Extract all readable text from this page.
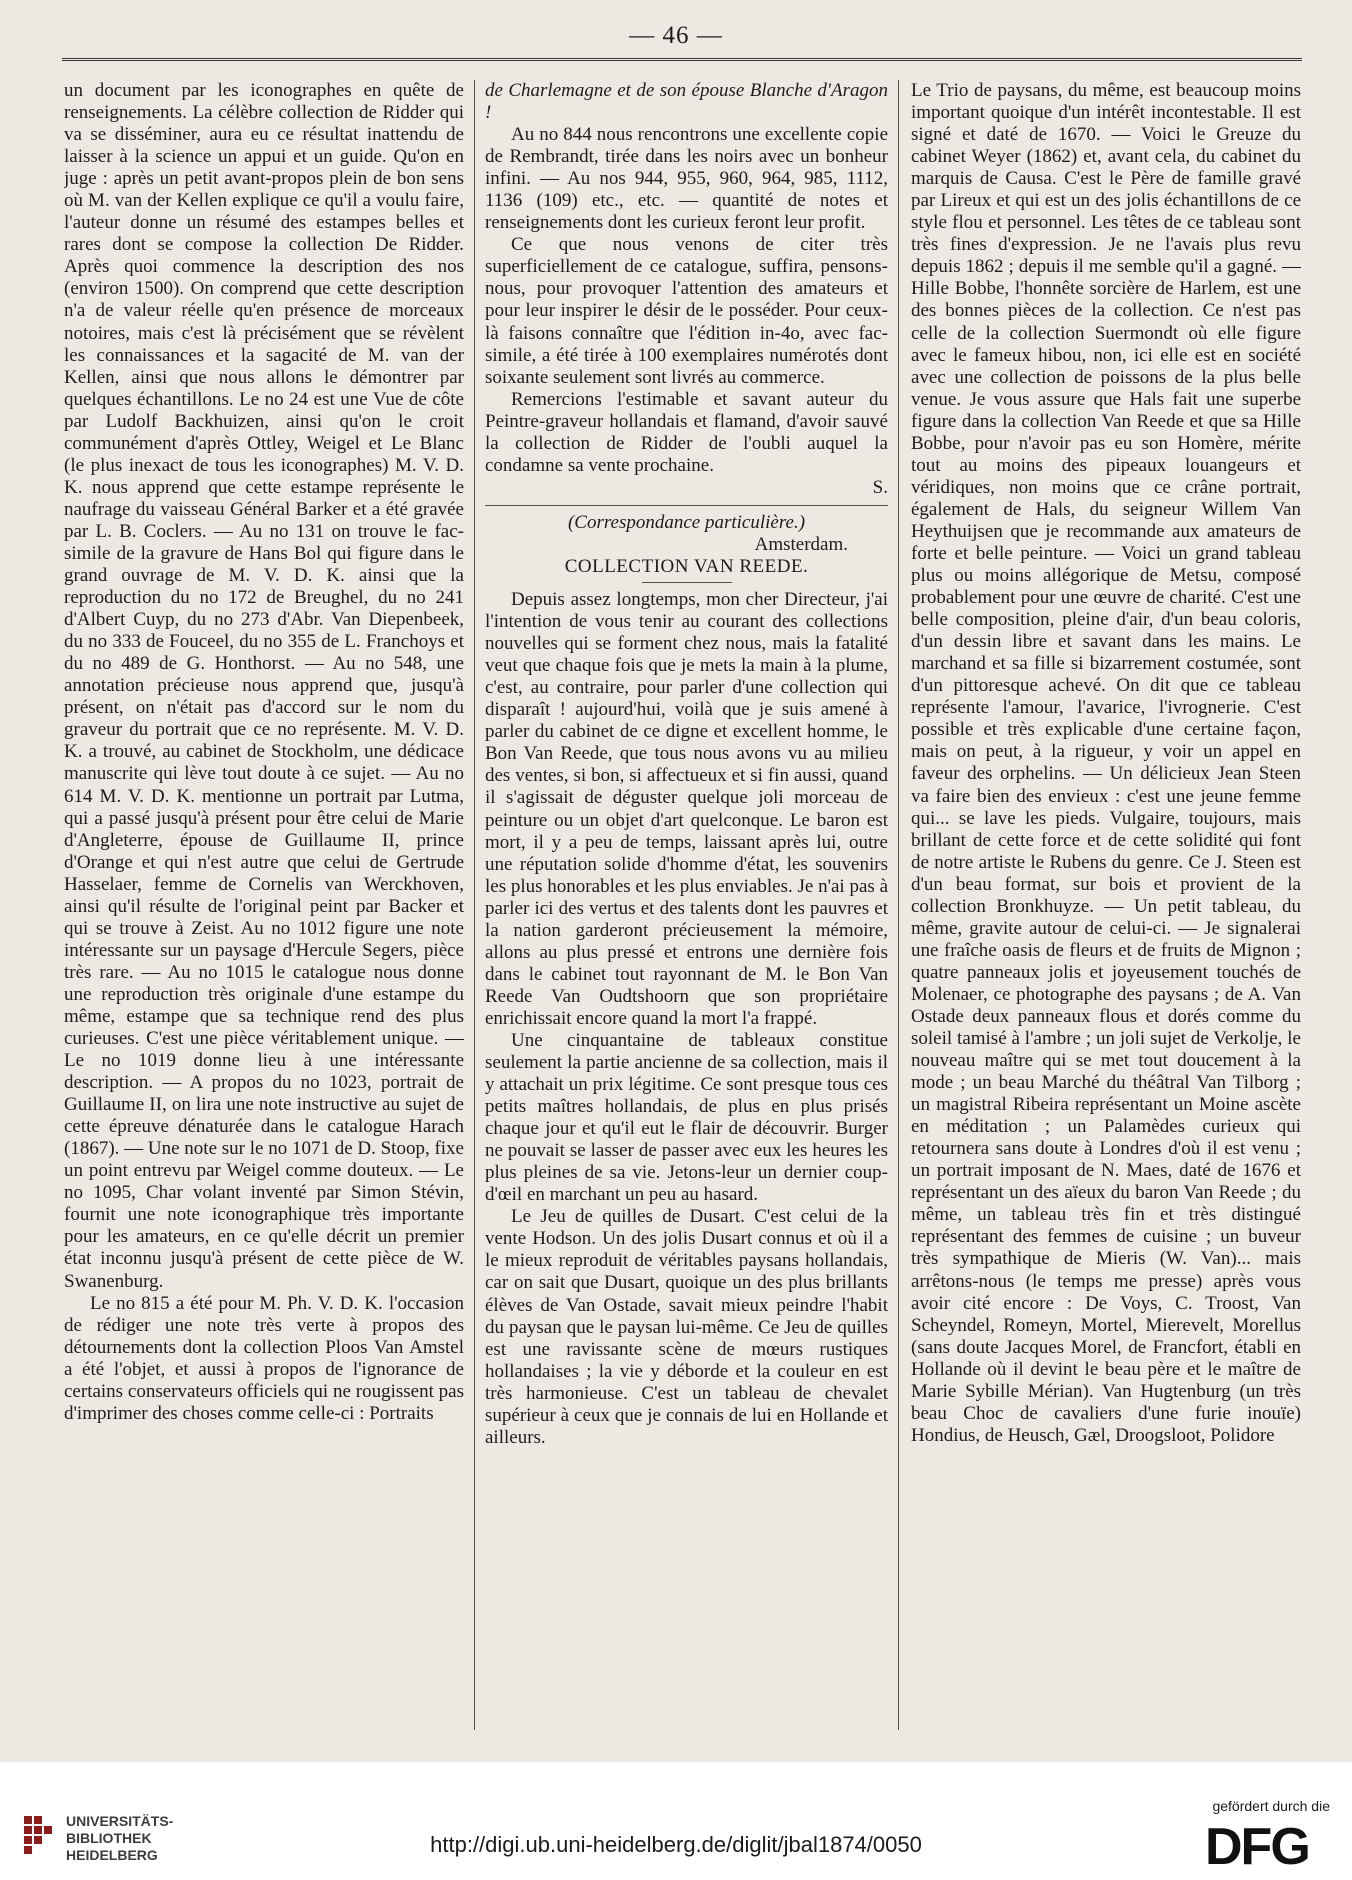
— 46 —

un document par les iconographes en quête de renseignements. La célèbre collection de Ridder qui va se disséminer, aura eu ce résultat inattendu de laisser à la science un appui et un guide. Qu'on en juge : après un petit avant-propos plein de bon sens où M. van der Kellen explique ce qu'il a voulu faire, l'auteur donne un résumé des estampes belles et rares dont se compose la collection De Ridder. Après quoi commence la description des nos (environ 1500). On comprend que cette description n'a de valeur réelle qu'en présence de morceaux notoires, mais c'est là précisément que se révèlent les connaissances et la sagacité de M. van der Kellen, ainsi que nous allons le démontrer par quelques échantillons. Le no 24 est une Vue de côte par Ludolf Backhuizen, ainsi qu'on le croit communément d'après Ottley, Weigel et Le Blanc (le plus inexact de tous les iconographes) M. V. D. K. nous apprend que cette estampe représente le naufrage du vaisseau Général Barker et a été gravée par L. B. Coclers. — Au no 131 on trouve le fac-simile de la gravure de Hans Bol qui figure dans le grand ouvrage de M. V. D. K. ainsi que la reproduction du no 172 de Breughel, du no 241 d'Albert Cuyp, du no 273 d'Abr. Van Diepenbeek, du no 333 de Fouceel, du no 355 de L. Franchoys et du no 489 de G. Honthorst. — Au no 548, une annotation précieuse nous apprend que, jusqu'à présent, on n'était pas d'accord sur le nom du graveur du portrait que ce no représente. M. V. D. K. a trouvé, au cabinet de Stockholm, une dédicace manuscrite qui lève tout doute à ce sujet. — Au no 614 M. V. D. K. mentionne un portrait par Lutma, qui a passé jusqu'à présent pour être celui de Marie d'Angleterre, épouse de Guillaume II, prince d'Orange et qui n'est autre que celui de Gertrude Hasselaer, femme de Cornelis van Werckhoven, ainsi qu'il résulte de l'original peint par Backer et qui se trouve à Zeist. Au no 1012 figure une note intéressante sur un paysage d'Hercule Segers, pièce très rare. — Au no 1015 le catalogue nous donne une reproduction très originale d'une estampe du même, estampe que sa technique rend des plus curieuses. C'est une pièce véritablement unique. — Le no 1019 donne lieu à une intéressante description. — A propos du no 1023, portrait de Guillaume II, on lira une note instructive au sujet de cette épreuve dénaturée dans le catalogue Harach (1867). — Une note sur le no 1071 de D. Stoop, fixe un point entrevu par Weigel comme douteux. — Le no 1095, Char volant inventé par Simon Stévin, fournit une note iconographique très importante pour les amateurs, en ce qu'elle décrit un premier état inconnu jusqu'à présent de cette pièce de W. Swanenburg.

Le no 815 a été pour M. Ph. V. D. K. l'occasion de rédiger une note très verte à propos des détournements dont la collection Ploos Van Amstel a été l'objet, et aussi à propos de l'ignorance de certains conservateurs officiels qui ne rougissent pas d'imprimer des choses comme celle-ci : Portraits

de Charlemagne et de son épouse Blanche d'Aragon !

Au no 844 nous rencontrons une excellente copie de Rembrandt, tirée dans les noirs avec un bonheur infini. — Au nos 944, 955, 960, 964, 985, 1112, 1136 (109) etc., etc. — quantité de notes et renseignements dont les curieux feront leur profit.

Ce que nous venons de citer très superficiellement de ce catalogue, suffira, pensons-nous, pour provoquer l'attention des amateurs et pour leur inspirer le désir de le posséder. Pour ceux-là faisons connaître que l'édition in-4o, avec fac-simile, a été tirée à 100 exemplaires numérotés dont soixante seulement sont livrés au commerce.

Remercions l'estimable et savant auteur du Peintre-graveur hollandais et flamand, d'avoir sauvé la collection de Ridder de l'oubli auquel la condamne sa vente prochaine.

S.

(Correspondance particulière.)

Amsterdam.

COLLECTION VAN REEDE.

Depuis assez longtemps, mon cher Directeur, j'ai l'intention de vous tenir au courant des collections nouvelles qui se forment chez nous, mais la fatalité veut que chaque fois que je mets la main à la plume, c'est, au contraire, pour parler d'une collection qui disparaît ! aujourd'hui, voilà que je suis amené à parler du cabinet de ce digne et excellent homme, le Bon Van Reede, que tous nous avons vu au milieu des ventes, si bon, si affectueux et si fin aussi, quand il s'agissait de déguster quelque joli morceau de peinture ou un objet d'art quelconque. Le baron est mort, il y a peu de temps, laissant après lui, outre une réputation solide d'homme d'état, les souvenirs les plus honorables et les plus enviables. Je n'ai pas à parler ici des vertus et des talents dont les pauvres et la nation garderont précieusement la mémoire, allons au plus pressé et entrons une dernière fois dans le cabinet tout rayonnant de M. le Bon Van Reede Van Oudtshoorn que son propriétaire enrichissait encore quand la mort l'a frappé.

Une cinquantaine de tableaux constitue seulement la partie ancienne de sa collection, mais il y attachait un prix légitime. Ce sont presque tous ces petits maîtres hollandais, de plus en plus prisés chaque jour et qu'il eut le flair de découvrir. Burger ne pouvait se lasser de passer avec eux les heures les plus pleines de sa vie. Jetons-leur un dernier coup-d'œil en marchant un peu au hasard.

Le Jeu de quilles de Dusart. C'est celui de la vente Hodson. Un des jolis Dusart connus et où il a le mieux reproduit de véritables paysans hollandais, car on sait que Dusart, quoique un des plus brillants élèves de Van Ostade, savait mieux peindre l'habit du paysan que le paysan lui-même. Ce Jeu de quilles est une ravissante scène de mœurs rustiques hollandaises ; la vie y déborde et la couleur en est très harmonieuse. C'est un tableau de chevalet supérieur à ceux que je connais de lui en Hollande et ailleurs.

Le Trio de paysans, du même, est beaucoup moins important quoique d'un intérêt incontestable. Il est signé et daté de 1670. — Voici le Greuze du cabinet Weyer (1862) et, avant cela, du cabinet du marquis de Causa. C'est le Père de famille gravé par Lireux et qui est un des jolis échantillons de ce style flou et personnel. Les têtes de ce tableau sont très fines d'expression. Je ne l'avais plus revu depuis 1862 ; depuis il me semble qu'il a gagné. — Hille Bobbe, l'honnête sorcière de Harlem, est une des bonnes pièces de la collection. Ce n'est pas celle de la collection Suermondt où elle figure avec le fameux hibou, non, ici elle est en société avec une collection de poissons de la plus belle venue. Je vous assure que Hals fait une superbe figure dans la collection Van Reede et que sa Hille Bobbe, pour n'avoir pas eu son Homère, mérite tout au moins des pipeaux louangeurs et véridiques, non moins que ce crâne portrait, également de Hals, du seigneur Willem Van Heythuijsen que je recommande aux amateurs de forte et belle peinture. — Voici un grand tableau plus ou moins allégorique de Metsu, composé probablement pour une œuvre de charité. C'est une belle composition, pleine d'air, d'un beau coloris, d'un dessin libre et savant dans les mains. Le marchand et sa fille si bizarrement costumée, sont d'un pittoresque achevé. On dit que ce tableau représente l'amour, l'avarice, l'ivrognerie. C'est possible et très explicable d'une certaine façon, mais on peut, à la rigueur, y voir un appel en faveur des orphelins. — Un délicieux Jean Steen va faire bien des envieux : c'est une jeune femme qui... se lave les pieds. Vulgaire, toujours, mais brillant de cette force et de cette solidité qui font de notre artiste le Rubens du genre. Ce J. Steen est d'un beau format, sur bois et provient de la collection Bronkhuyze. — Un petit tableau, du même, gravite autour de celui-ci. — Je signalerai une fraîche oasis de fleurs et de fruits de Mignon ; quatre panneaux jolis et joyeusement touchés de Molenaer, ce photographe des paysans ; de A. Van Ostade deux panneaux flous et dorés comme du soleil tamisé à l'ambre ; un joli sujet de Verkolje, le nouveau maître qui se met tout doucement à la mode ; un beau Marché du théâtral Van Tilborg ; un magistral Ribeira représentant un Moine ascète en méditation ; un Palamèdes curieux qui retournera sans doute à Londres d'où il est venu ; un portrait imposant de N. Maes, daté de 1676 et représentant un des aïeux du baron Van Reede ; du même, un tableau très fin et très distingué représentant des femmes de cuisine ; un buveur très sympathique de Mieris (W. Van)... mais arrêtons-nous (le temps me presse) après vous avoir cité encore : De Voys, C. Troost, Van Scheyndel, Romeyn, Mortel, Mierevelt, Morellus (sans doute Jacques Morel, de Francfort, établi en Hollande où il devint le beau père et le maître de Marie Sybille Mérian). Van Hugtenburg (un très beau Choc de cavaliers d'une furie inouïe) Hondius, de Heusch, Gæl, Droogsloot, Polidore

UNIVERSITÄTS-
BIBLIOTHEK
HEIDELBERG	http://digi.ub.uni-heidelberg.de/diglit/jbal1874/0050
gefördert durch die
DFG
